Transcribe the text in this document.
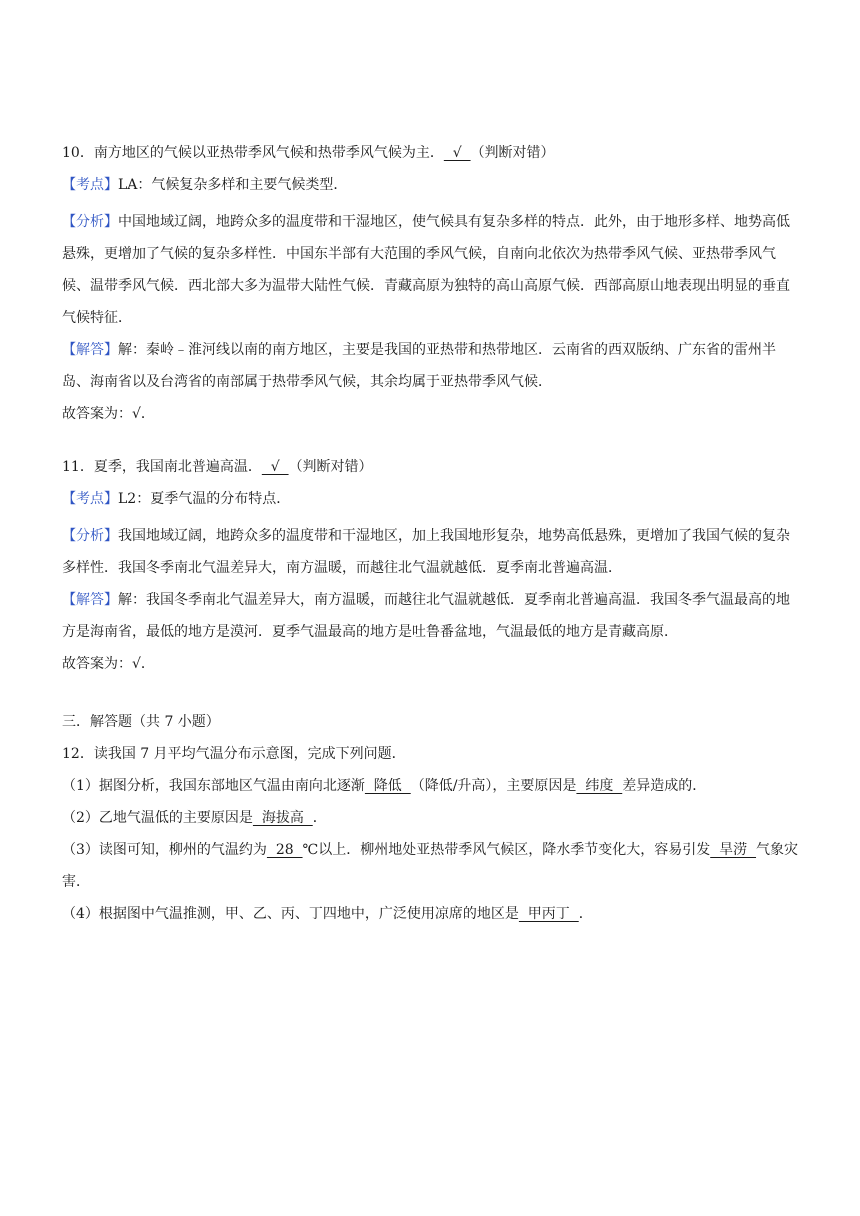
10．南方地区的气候以亚热带季风气候和热带季风气候为主．  √  （判断对错）

【考点】LA：气候复杂多样和主要气候类型．

【分析】中国地域辽阔，地跨众多的温度带和干湿地区，使气候具有复杂多样的特点．此外，由于地形多样、地势高低悬殊，更增加了气候的复杂多样性．中国东半部有大范围的季风气候，自南向北依次为热带季风气候、亚热带季风气候、温带季风气候．西北部大多为温带大陆性气候．青藏高原为独特的高山高原气候．西部高原山地表现出明显的垂直气候特征．

【解答】解：秦岭﹣淮河线以南的南方地区，主要是我国的亚热带和热带地区．云南省的西双版纳、广东省的雷州半岛、海南省以及台湾省的南部属于热带季风气候，其余均属于亚热带季风气候．

故答案为：√．

11．夏季，我国南北普遍高温．  √  （判断对错）

【考点】L2：夏季气温的分布特点．

【分析】我国地域辽阔，地跨众多的温度带和干湿地区，加上我国地形复杂，地势高低悬殊，更增加了我国气候的复杂多样性．我国冬季南北气温差异大，南方温暖，而越往北气温就越低．夏季南北普遍高温．

【解答】解：我国冬季南北气温差异大，南方温暖，而越往北气温就越低．夏季南北普遍高温．我国冬季气温最高的地方是海南省，最低的地方是漠河．夏季气温最高的地方是吐鲁番盆地，气温最低的地方是青藏高原．

故答案为：√．

三．解答题（共 7 小题）

12．读我国 7 月平均气温分布示意图，完成下列问题．

（1）据图分析，我国东部地区气温由南向北逐渐  降低  （降低/升高），主要原因是  纬度  差异造成的．

（2）乙地气温低的主要原因是  海拔高  ．

（3）读图可知，柳州的气温约为  28  ℃以上．柳州地处亚热带季风气候区，降水季节变化大，容易引发  旱涝  气象灾害．

（4）根据图中气温推测，甲、乙、丙、丁四地中，广泛使用凉席的地区是  甲丙丁  ．
